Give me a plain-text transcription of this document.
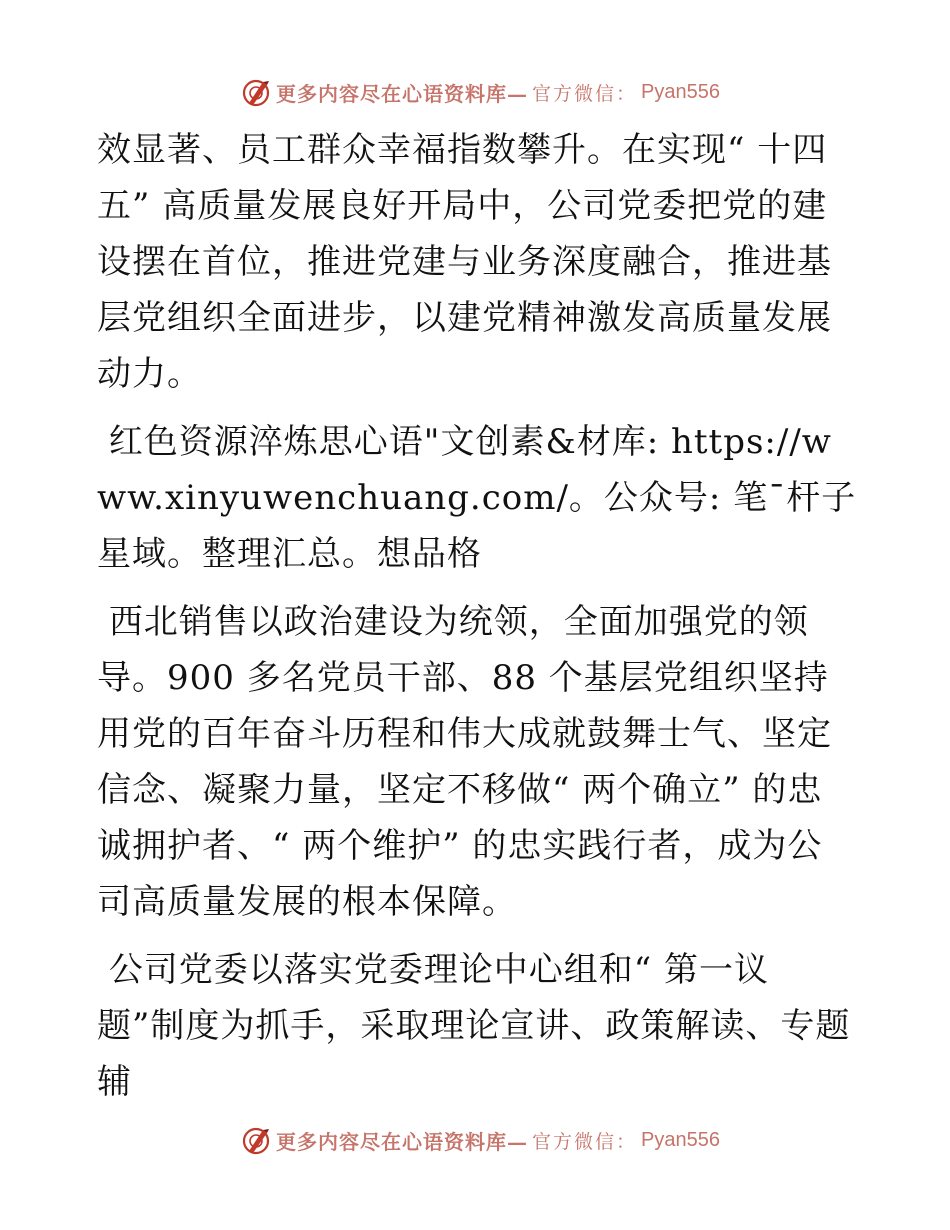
更多内容尽在心语资料库— 官方微信： Pyan556

效显著、员工群众幸福指数攀升。在实现“ 十四五” 高质量发展良好开局中，公司党委把党的建设摆在首位，推进党建与业务深度融合，推进基层党组织全面进步，以建党精神激发高质量发展动力。

红色资源淬炼思心语"文创素&材库: https://www.xinyuwenchuang.com/。公众号: 笔¯杆子星域。整理汇总。想品格

西北销售以政治建设为统领，全面加强党的领导。900 多名党员干部、88 个基层党组织坚持用党的百年奋斗历程和伟大成就鼓舞士气、坚定信念、凝聚力量，坚定不移做“ 两个确立” 的忠诚拥护者、“ 两个维护” 的忠实践行者，成为公司高质量发展的根本保障。

公司党委以落实党委理论中心组和“ 第一议题”制度为抓手，采取理论宣讲、政策解读、专题辅

更多内容尽在心语资料库— 官方微信： Pyan556
